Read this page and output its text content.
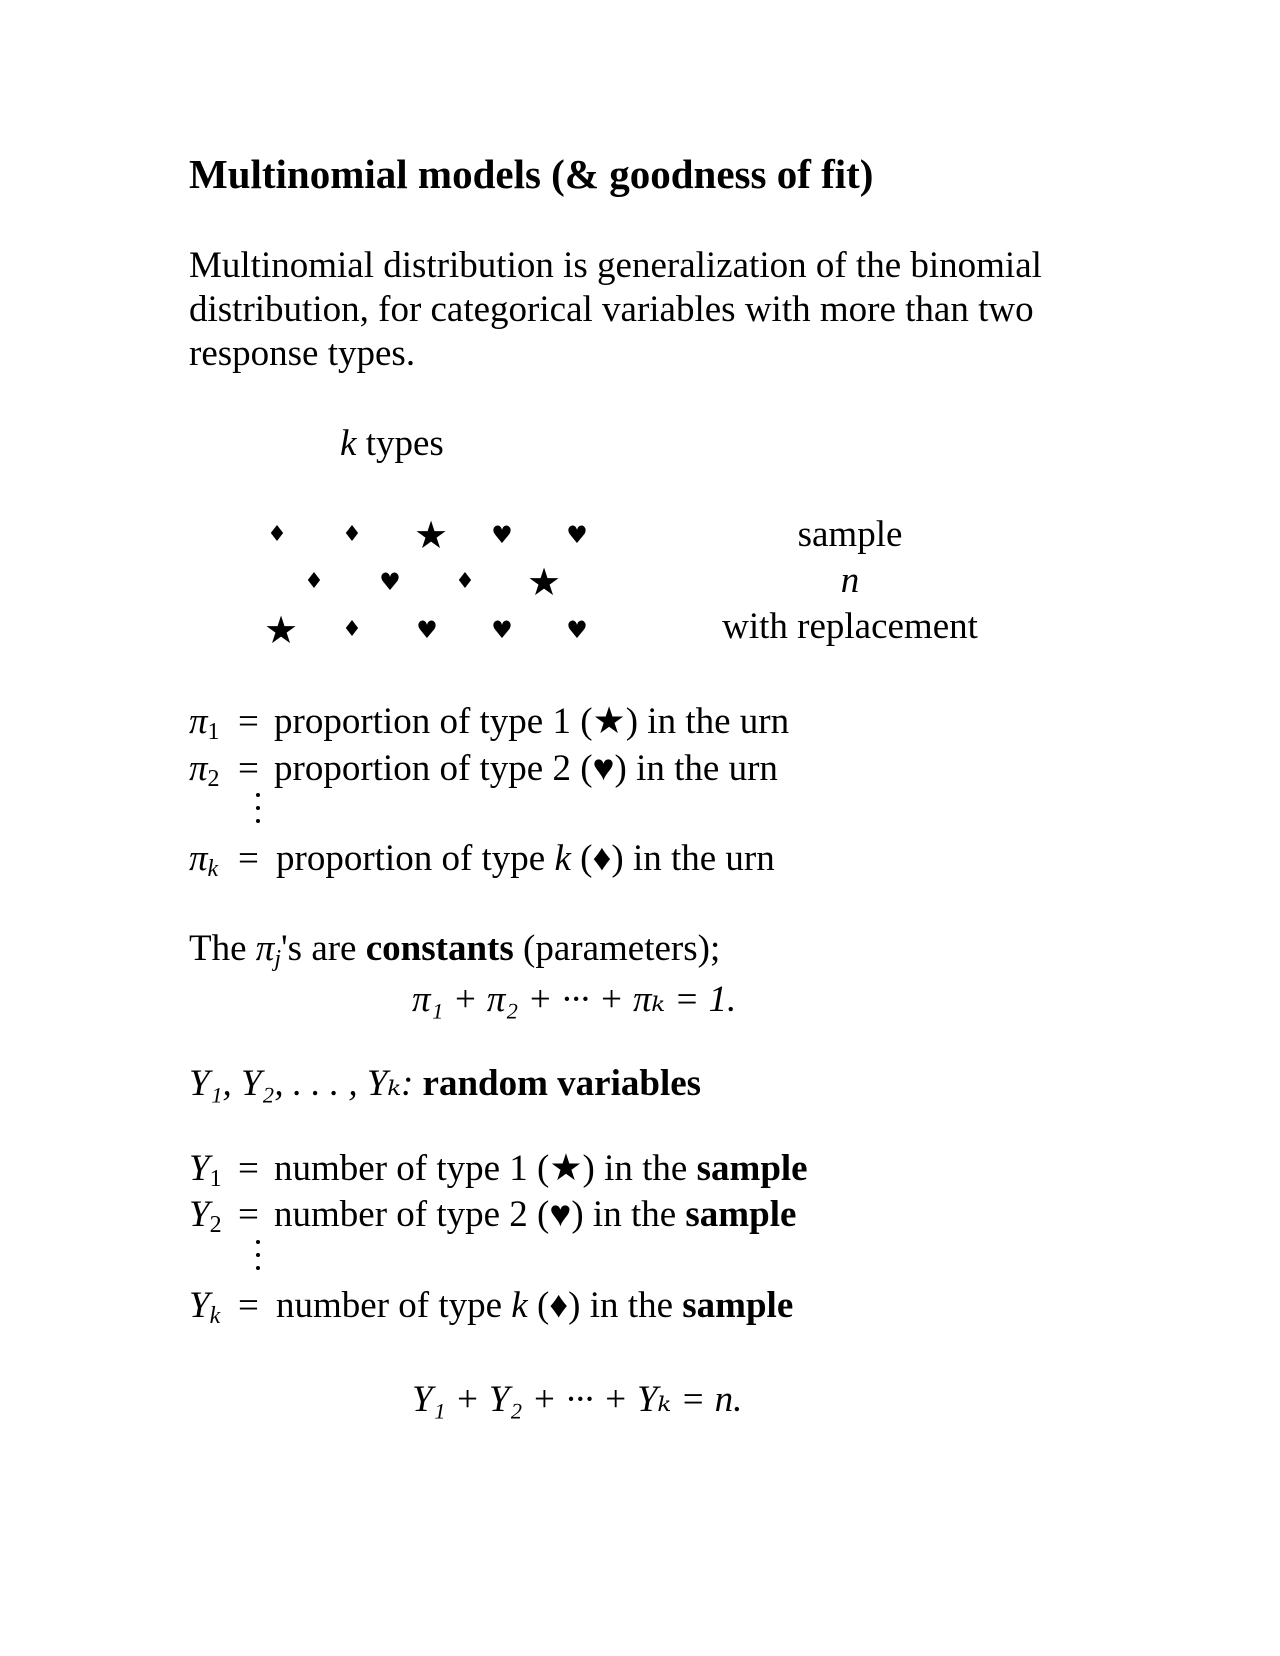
Multinomial models (& goodness of fit)
Multinomial distribution is generalization of the binomial
distribution, for categorical variables with more than two
response types.
k types
♦	♦ ★ ♥ ♥
♦ ♥ ♦ ★
★ ♦ ♥ ♥ ♥
sample
n
with replacement
$\pi_1$ = proportion of type 1 (★) in the urn
$\pi_2$ = proportion of type 2 (♥) in the urn
$\pi_k$ = proportion of type k (♦) in the urn
The $\pi_j's$ are constants (parameters);
π₁ + π₂ + ··· + πₖ = 1.
Y₁, Y₂, . . . , Yₖ: random variables
$Y_1$ = number of type 1 (★) in the sample
$Y_2$ = number of type 2 (♥) in the sample
$Y_k$ = number of type k (♦) in the sample
Y₁ + Y₂ + ··· + Yₖ = n.
